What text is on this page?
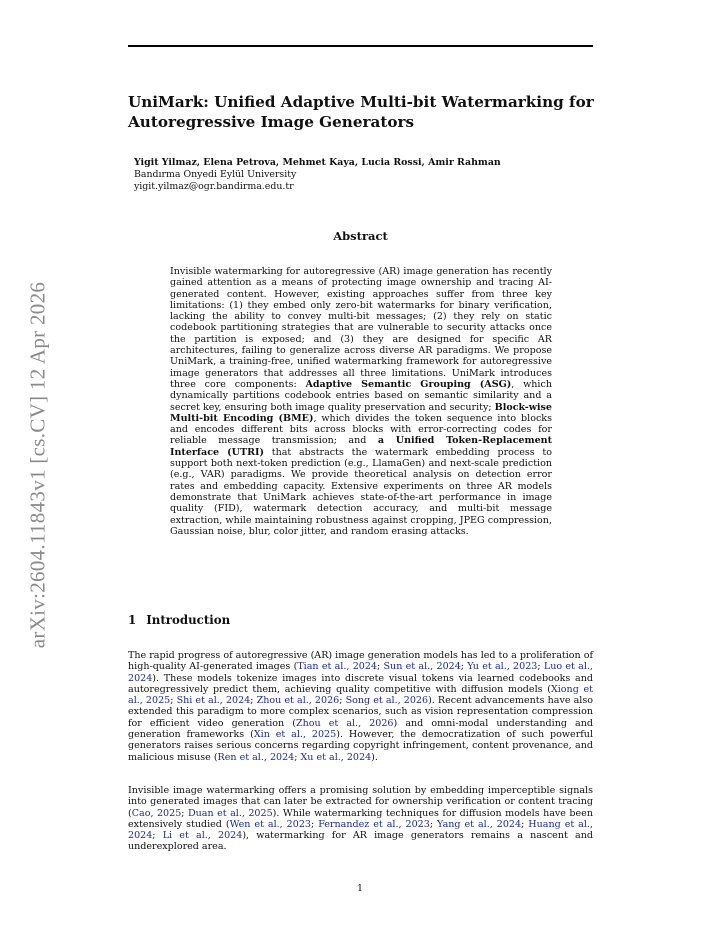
arXiv:2604.11843v1 [cs.CV] 12 Apr 2026
UniMark: Unified Adaptive Multi-bit Watermarking for Autoregressive Image Generators
Yigit Yilmaz, Elena Petrova, Mehmet Kaya, Lucia Rossi, Amir Rahman
Bandırma Onyedi Eylül University
yigit.yilmaz@ogr.bandirma.edu.tr
Abstract
Invisible watermarking for autoregressive (AR) image generation has recently gained attention as a means of protecting image ownership and tracing AI-generated content. However, existing approaches suffer from three key limitations: (1) they embed only zero-bit watermarks for binary verification, lacking the ability to convey multi-bit messages; (2) they rely on static codebook partitioning strategies that are vulnerable to security attacks once the partition is exposed; and (3) they are designed for specific AR architectures, failing to generalize across diverse AR paradigms. We propose UniMark, a training-free, unified watermarking framework for autoregressive image generators that addresses all three limitations. UniMark introduces three core components: Adaptive Semantic Grouping (ASG), which dynamically partitions codebook entries based on semantic similarity and a secret key, ensuring both image quality preservation and security; Block-wise Multi-bit Encoding (BME), which divides the token sequence into blocks and encodes different bits across blocks with error-correcting codes for reliable message transmission; and a Unified Token-Replacement Interface (UTRI) that abstracts the watermark embedding process to support both next-token prediction (e.g., LlamaGen) and next-scale prediction (e.g., VAR) paradigms. We provide theoretical analysis on detection error rates and embedding capacity. Extensive experiments on three AR models demonstrate that UniMark achieves state-of-the-art performance in image quality (FID), watermark detection accuracy, and multi-bit message extraction, while maintaining robustness against cropping, JPEG compression, Gaussian noise, blur, color jitter, and random erasing attacks.
1 Introduction

The rapid progress of autoregressive (AR) image generation models has led to a proliferation of high-quality AI-generated images (Tian et al., 2024; Sun et al., 2024; Yu et al., 2023; Luo et al., 2024). These models tokenize images into discrete visual tokens via learned codebooks and autoregressively predict them, achieving quality competitive with diffusion models (Xiong et al., 2025; Shi et al., 2024; Zhou et al., 2026; Song et al., 2026). Recent advancements have also extended this paradigm to more complex scenarios, such as vision representation compression for efficient video generation (Zhou et al., 2026) and omni-modal understanding and generation frameworks (Xin et al., 2025). However, the democratization of such powerful generators raises serious concerns regarding copyright infringement, content provenance, and malicious misuse (Ren et al., 2024; Xu et al., 2024).

Invisible image watermarking offers a promising solution by embedding imperceptible signals into generated images that can later be extracted for ownership verification or content tracing (Cao, 2025; Duan et al., 2025). While watermarking techniques for diffusion models have been extensively studied (Wen et al., 2023; Fernandez et al., 2023; Yang et al., 2024; Huang et al., 2024; Li et al., 2024), watermarking for AR image generators remains a nascent and underexplored area.

1
